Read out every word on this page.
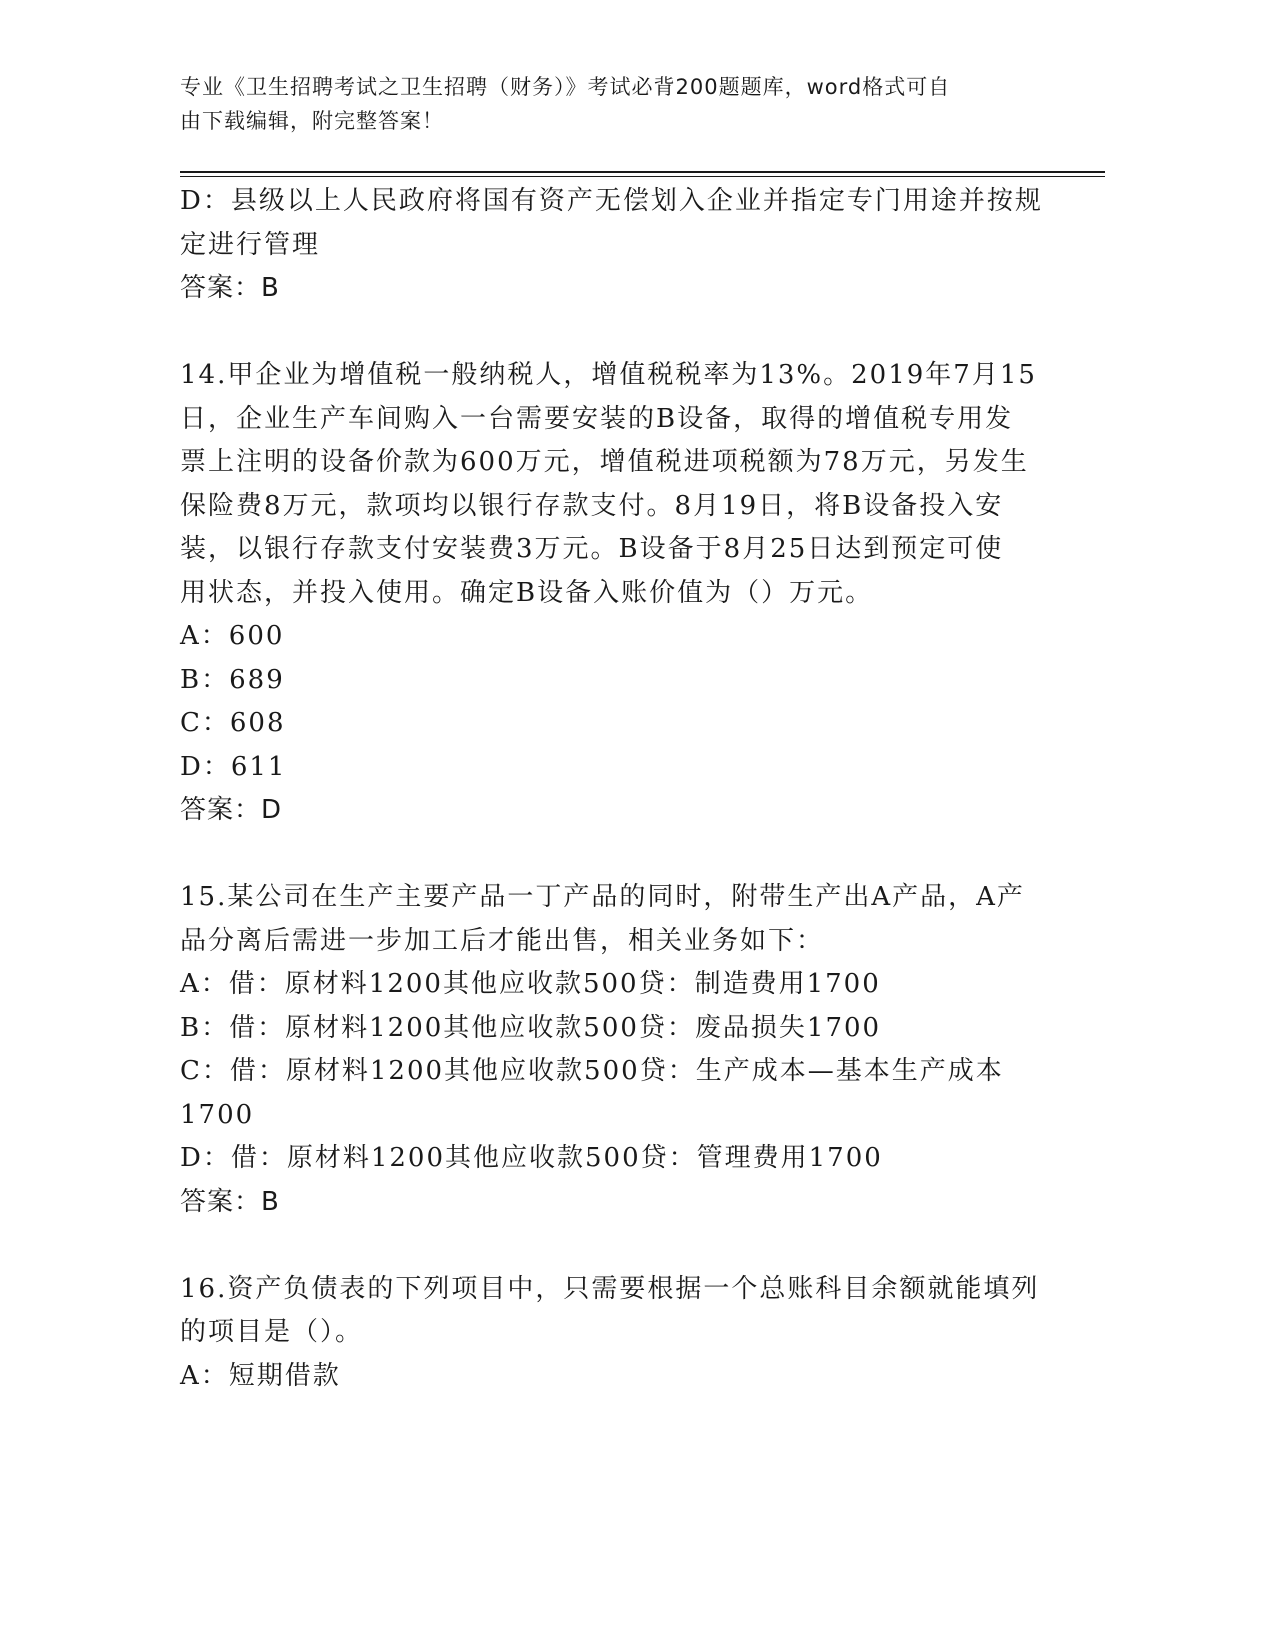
专业《卫生招聘考试之卫生招聘（财务）》考试必背200题题库，word格式可自
由下载编辑，附完整答案！
D：县级以上人民政府将国有资产无偿划入企业并指定专门用途并按规
定进行管理
答案：B
14.甲企业为增值税一般纳税人，增值税税率为13%。2019年7月15
日，企业生产车间购入一台需要安装的B设备，取得的增值税专用发
票上注明的设备价款为600万元，增值税进项税额为78万元，另发生
保险费8万元，款项均以银行存款支付。8月19日，将B设备投入安
装，以银行存款支付安装费3万元。B设备于8月25日达到预定可使
用状态，并投入使用。确定B设备入账价值为（）万元。
A：600
B：689
C：608
D：611
答案：D
15.某公司在生产主要产品一丁产品的同时，附带生产出A产品，A产
品分离后需进一步加工后才能出售，相关业务如下：
A：借：原材料1200其他应收款500贷：制造费用1700
B：借：原材料1200其他应收款500贷：废品损失1700
C：借：原材料1200其他应收款500贷：生产成本—基本生产成本
1700
D：借：原材料1200其他应收款500贷：管理费用1700
答案：B
16.资产负债表的下列项目中，只需要根据一个总账科目余额就能填列
的项目是（）。
A：短期借款
